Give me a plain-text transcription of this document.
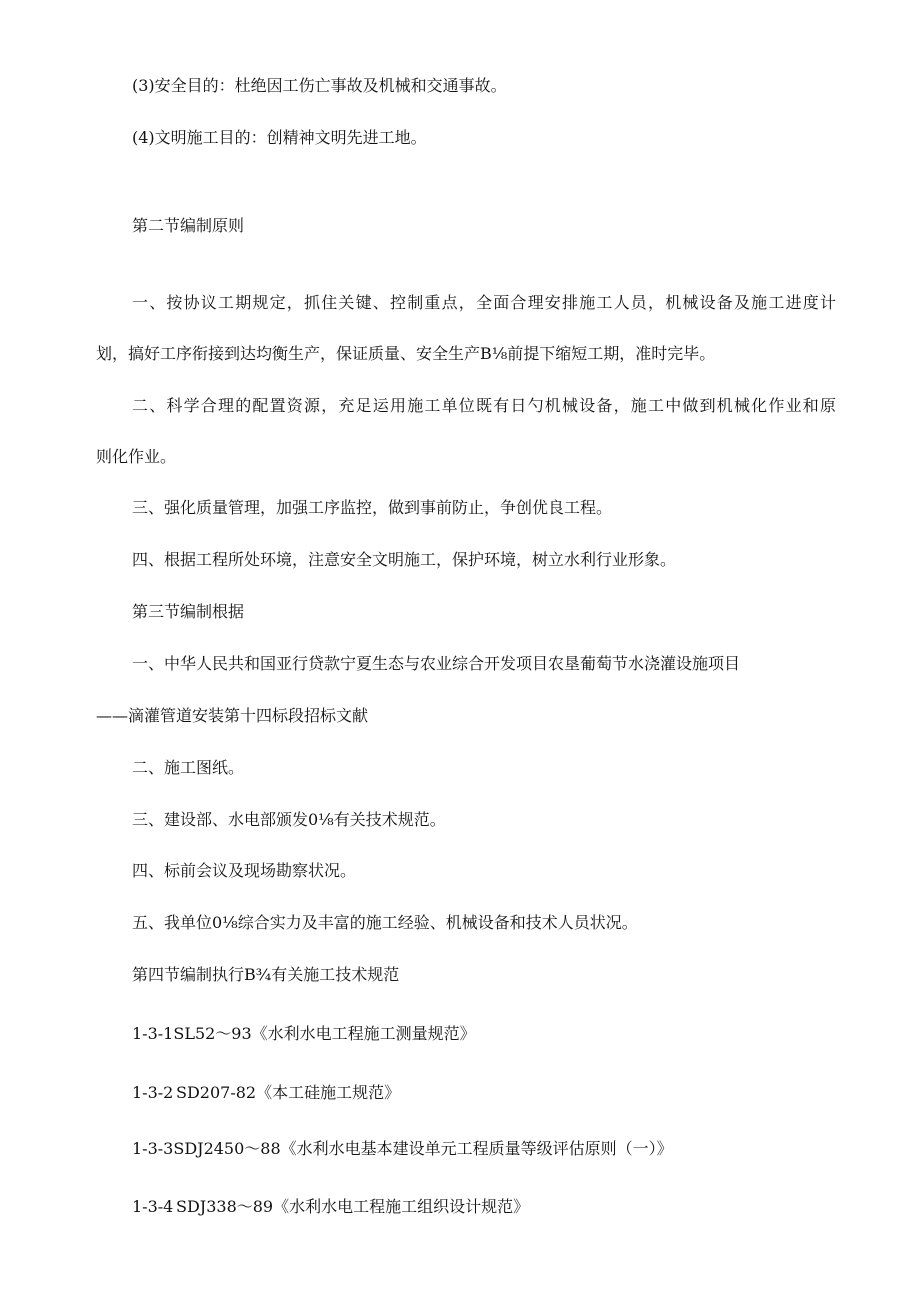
(3)安全目的：杜绝因工伤亡事故及机械和交通事故。
(4)文明施工目的：创精神文明先进工地。
第二节编制原则
一、按协议工期规定，抓住关键、控制重点，全面合理安排施工人员，机械设备及施工进度计
划，搞好工序衔接到达均衡生产，保证质量、安全生产B⅛前提下缩短工期，准时完毕。
二、科学合理的配置资源，充足运用施工单位既有日勺机械设备，施工中做到机械化作业和原
则化作业。
三、强化质量管理，加强工序监控，做到事前防止，争创优良工程。
四、根据工程所处环境，注意安全文明施工，保护环境，树立水利行业形象。
第三节编制根据
一、中华人民共和国亚行贷款宁夏生态与农业综合开发项目农垦葡萄节水浇灌设施项目
——滴灌管道安装第十四标段招标文献
二、施工图纸。
三、建设部、水电部颁发0⅛有关技术规范。
四、标前会议及现场勘察状况。
五、我单位0⅛综合实力及丰富的施工经验、机械设备和技术人员状况。
第四节编制执行B¾有关施工技术规范
1-3-1SL52～93《水利水电工程施工测量规范》
1-3-2 SD207-82《本工硅施工规范》
1-3-3SDJ2450～88《水利水电基本建设单元工程质量等级评估原则（一）》
1-3-4 SDJ338～89《水利水电工程施工组织设计规范》
